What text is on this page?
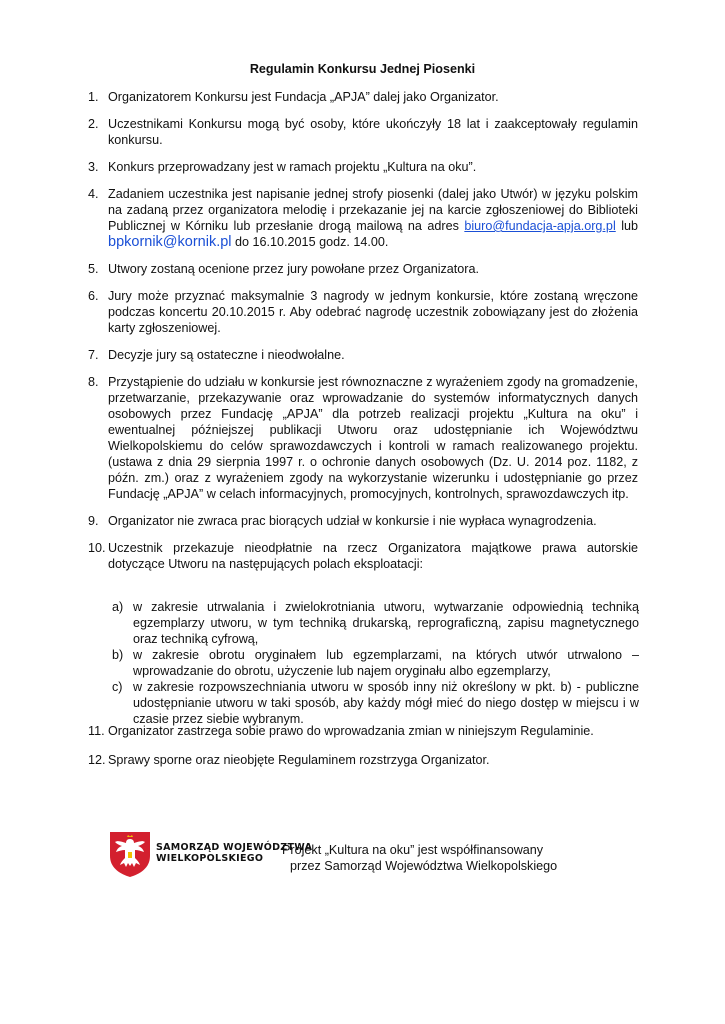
Regulamin Konkursu Jednej Piosenki
1. Organizatorem Konkursu jest Fundacja „APJA” dalej jako Organizator.
2. Uczestnikami Konkursu mogą być osoby, które ukończyły 18 lat i zaakceptowały regulamin konkursu.
3. Konkurs przeprowadzany jest w ramach projektu „Kultura na oku”.
4. Zadaniem uczestnika jest napisanie jednej strofy piosenki (dalej jako Utwór) w języku polskim na zadaną przez organizatora melodię i przekazanie jej na karcie zgłoszeniowej do Biblioteki Publicznej w Kórniku lub przesłanie drogą mailową na adres biuro@fundacja-apja.org.pl lub bpkornik@kornik.pl do 16.10.2015 godz. 14.00.
5. Utwory zostaną ocenione przez jury powołane przez Organizatora.
6. Jury może przyznać maksymalnie 3 nagrody w jednym konkursie, które zostaną wręczone podczas koncertu 20.10.2015 r. Aby odebrać nagrodę uczestnik zobowiązany jest do złożenia karty zgłoszeniowej.
7. Decyzje jury są ostateczne i nieodwołalne.
8. Przystąpienie do udziału w konkursie jest równoznaczne z wyrażeniem zgody na gromadzenie, przetwarzanie, przekazywanie oraz wprowadzanie do systemów informatycznych danych osobowych przez Fundację „APJA” dla potrzeb realizacji projektu „Kultura na oku” i ewentualnej późniejszej publikacji Utworu oraz udostępnianie ich Województwu Wielkopolskiemu do celów sprawozdawczych i kontroli w ramach realizowanego projektu. (ustawa z dnia 29 sierpnia 1997 r. o ochronie danych osobowych (Dz. U. 2014 poz. 1182, z późn. zm.) oraz z wyrażeniem zgody na wykorzystanie wizerunku i udostępnianie go przez Fundację „APJA” w celach informacyjnych, promocyjnych, kontrolnych, sprawozdawczych itp.
9. Organizator nie zwraca prac biorących udział w konkursie i nie wypłaca wynagrodzenia.
10. Uczestnik przekazuje nieodpłatnie na rzecz Organizatora majątkowe prawa autorskie dotyczące Utworu na następujących polach eksploatacji:
a) w zakresie utrwalania i zwielokrotniania utworu, wytwarzanie odpowiednią techniką egzemplarzy utworu, w tym techniką drukarską, reprograficzną, zapisu magnetycznego oraz techniką cyfrową,
b) w zakresie obrotu oryginałem lub egzemplarzami, na których utwór utrwalono – wprowadzanie do obrotu, użyczenie lub najem oryginału albo egzemplarzy,
c) w zakresie rozpowszechniania utworu w sposób inny niż określony w pkt. b) - publiczne udostępnianie utworu w taki sposób, aby każdy mógł mieć do niego dostęp w miejscu i w czasie przez siebie wybranym.
11. Organizator zastrzega sobie prawo do wprowadzania zmian w niniejszym Regulaminie.
12. Sprawy sporne oraz nieobjęte Regulaminem rozstrzyga Organizator.
SAMORZĄD WOJEWÓDZTWA
WIELKOPOLSKIEGO
Projekt „Kultura na oku” jest współfinansowany
przez Samorząd Województwa Wielkopolskiego
